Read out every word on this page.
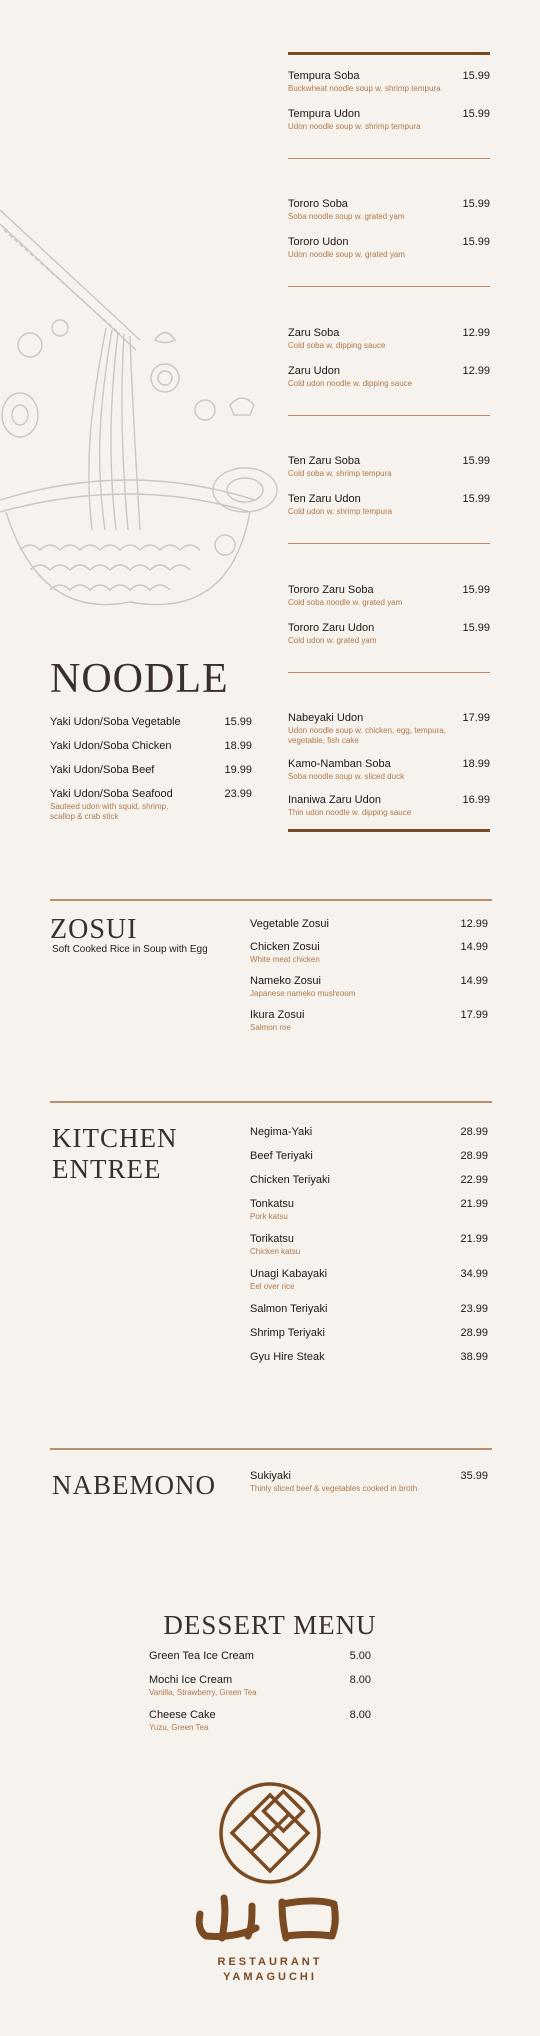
Tempura Soba	15.99
Buckwheat noodle soup w. shrimp tempura
Tempura Udon	15.99
Udon noodle soup w. shrimp tempura
Tororo Soba	15.99
Soba noodle soup w. grated yam
Tororo Udon	15.99
Udon noodle soup w. grated yam
Zaru Soba	12.99
Cold soba w. dipping sauce
Zaru Udon	12.99
Cold udon noodle w. dipping sauce
Ten Zaru Soba	15.99
Cold soba w. shrimp tempura
Ten Zaru Udon	15.99
Cold udon w. shrimp tempura
Tororo Zaru Soba	15.99
Cold soba noodle w. grated yam
Tororo Zaru Udon	15.99
Cold udon w. grated yam
Nabeyaki Udon	17.99
Udon noodle soup w. chicken, egg, tempura, vegetable, fish cake
Kamo-Namban Soba	18.99
Soba noodle soup w. sliced duck
Inaniwa Zaru Udon	16.99
Thin udon noodle w. dipping sauce
NOODLE
Yaki Udon/Soba Vegetable	15.99
Yaki Udon/Soba Chicken	18.99
Yaki Udon/Soba Beef	19.99
Yaki Udon/Soba Seafood	23.99
Sauteed udon with squid, shrimp, scallop & crab stick
ZOSUI
Soft Cooked Rice in Soup with Egg
Vegetable Zosui	12.99
Chicken Zosui	14.99
White meat chicken
Nameko Zosui	14.99
Japanese nameko mushroom
Ikura Zosui	17.99
Salmon roe
KITCHEN
ENTREE
Negima-Yaki	28.99
Beef Teriyaki	28.99
Chicken Teriyaki	22.99
Tonkatsu	21.99
Pork katsu
Torikatsu	21.99
Chicken katsu
Unagi Kabayaki	34.99
Eel over rice
Salmon Teriyaki	23.99
Shrimp Teriyaki	28.99
Gyu Hire Steak	38.99
NABEMONO	Sukiyaki	35.99
Thinly sliced beef & vegetables cooked in broth
DESSERT MENU
Green Tea Ice Cream	5.00
Mochi Ice Cream	8.00
Vanilla, Strawberry, Green Tea
Cheese Cake	8.00
Yuzu, Green Tea
RESTAURANT
YAMAGUCHI
